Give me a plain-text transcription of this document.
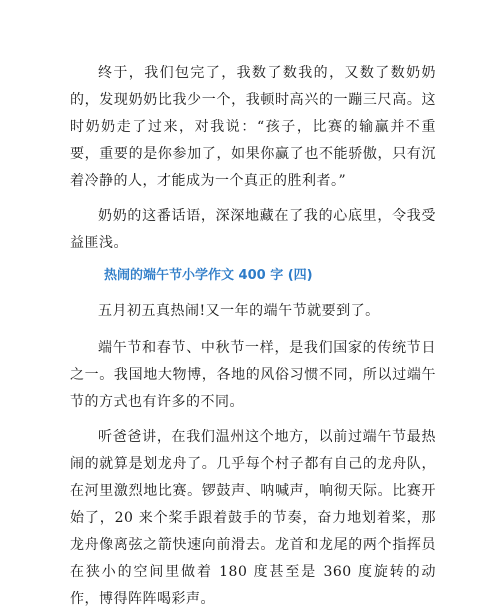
终于，我们包完了，我数了数我的，又数了数奶奶的，发现奶奶比我少一个，我顿时高兴的一蹦三尺高。这时奶奶走了过来，对我说：“孩子，比赛的输赢并不重要，重要的是你参加了，如果你赢了也不能骄傲，只有沉着冷静的人，才能成为一个真正的胜利者。”

奶奶的这番话语，深深地藏在了我的心底里，令我受益匪浅。

热闹的端午节小学作文 400 字 (四)

五月初五真热闹!又一年的端午节就要到了。

端午节和春节、中秋节一样，是我们国家的传统节日之一。我国地大物博，各地的风俗习惯不同，所以过端午节的方式也有许多的不同。

听爸爸讲，在我们温州这个地方，以前过端午节最热闹的就算是划龙舟了。几乎每个村子都有自己的龙舟队，在河里激烈地比赛。锣鼓声、呐喊声，响彻天际。比赛开始了，20 来个桨手跟着鼓手的节奏，奋力地划着桨，那龙舟像离弦之箭快速向前滑去。龙首和龙尾的两个指挥员在狭小的空间里做着 180 度甚至是 360 度旋转的动作，博得阵阵喝彩声。
